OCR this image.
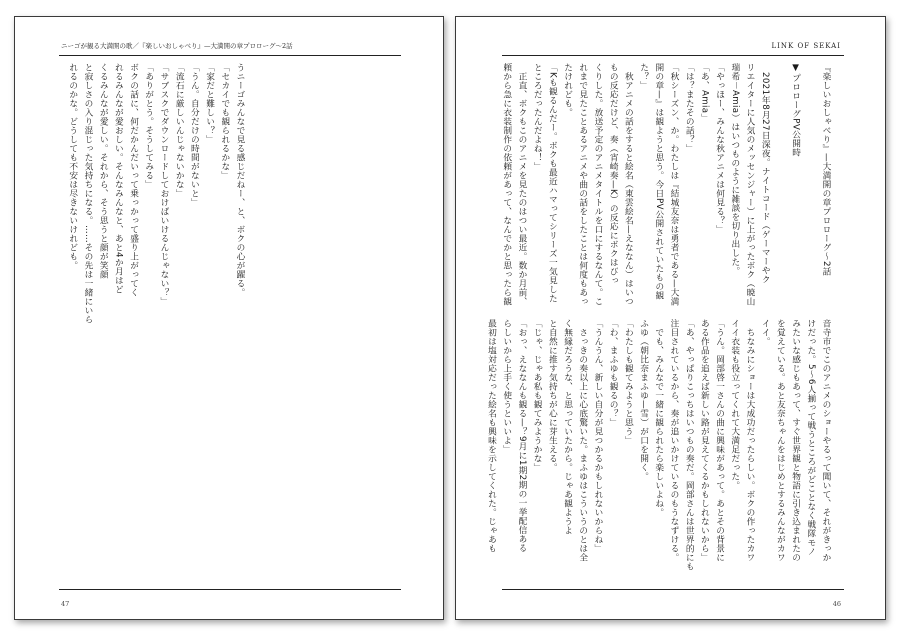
ニーゴが観る大満開の歌／『楽しいおしゃべり』—大満開の章プロローグ〜2話
うニーゴみんなで見る感じだねー、と、ボクの心が躍る。
「セカイでも観られるかな」
「家だと難しい？」
「うん。自分だけの時間がないと」
「流石に厳しいんじゃないかな」
「サブスクでダウンロードしておけばいけるんじゃない？」
「ありがとう。そうしてみる」
ボクの話に、何だかんだいって乗っかって盛り上がってく
れるみんなが愛おしい。そんなみんなと、あと4か月はど
くるみんなが愛しい。それから、そう思うと顔が笑顔
と寂しさの入り混じった気持ちになる。……その先は一緒にいら
れるのかな。どうしても不安は尽きないけれども。
47
LINK OF SEKAI
『楽しいおしゃべり』—大満開の章プロローグ〜2話

▼プロローグPV公開時

　2021年8月27日深夜。ナイトコード（ゲーマーやク
リエイターに人気のメッセンジャー）に上がったボク（暁山
瑞希－Amia）はいつものように雑談を切り出した。
「やっほー、みんな秋アニメは何見る？」
「あ、Amia」
「は？またその話？」
「秋シーズン、か。わたしは『結城友奈は勇者である—大満
開の章—』は観ようと思う。今日PV公開されていたもの観
た？」
　秋アニメの話をすると絵名（東雲絵名—えななん）はいつ
もの反応だけど、奏（宵崎奏—K）の反応にボクはびっ
くりした。放送予定のアニメタイトルを口にするなんて。こ
れまで見たことあるアニメや曲の話をしたことは何度もあっ
たけれども。
「Kも観るんだー。ボクも最近ハマってシリーズ一気見した
ところだったんだよね！」
　正直、ボクもこのアニメを見たのはつい最近。数か月前、
頼から急に衣装制作の依頼があって、なんでかと思ったら観
音寺市でこのアニメのショーやるって聞いて、それがきっか
けだった。5〜6人揃って戦うところがどことなく戦隊モノ
みたいな感じもあって、すぐ世界観と物語に引き込まれたの
を覚えている。あと友奈ちゃんをはじめとするみんながカワ
イイ。
　ちなみにショーは大成功だったらしい。ボクの作ったカワ
イイ衣装も役立ってくれて大満足だった。
「うん。岡部啓一さんの曲に興味があって。あとその背景に
ある作品を追えば新しい路が見えてくるかもしれないから」
「あ、やっぱりこっちはいつもの奏だ。岡部さんは世界的にも
注目されているから、奏が追いかけているのもうなずける。
　でも、みんなで一緒に観られたら楽しいよね。
ふゆ（朝比奈まふゆ—雪）が口を開く。
「わたしも観てみようと思う」
「わ、まふゆも観るの？」
「うんうん、新しい自分が見つかるかもしれないからね」
　さっきの奏以上に心底驚いた。まふゆはこういうのとは全
く無縁だろうな、と思っていたから。じゃあ観ようよ
と自然に推す気持ちが心に芽生える。
「じゃ、じゃあ私も観てみようかな」
「おっ、えななんも観る—？9月に1期2期の一挙配信ある
らしいから上手く使うといいよ」
最初は塩対応だった絵名も興味を示してくれた。じゃあも
46
